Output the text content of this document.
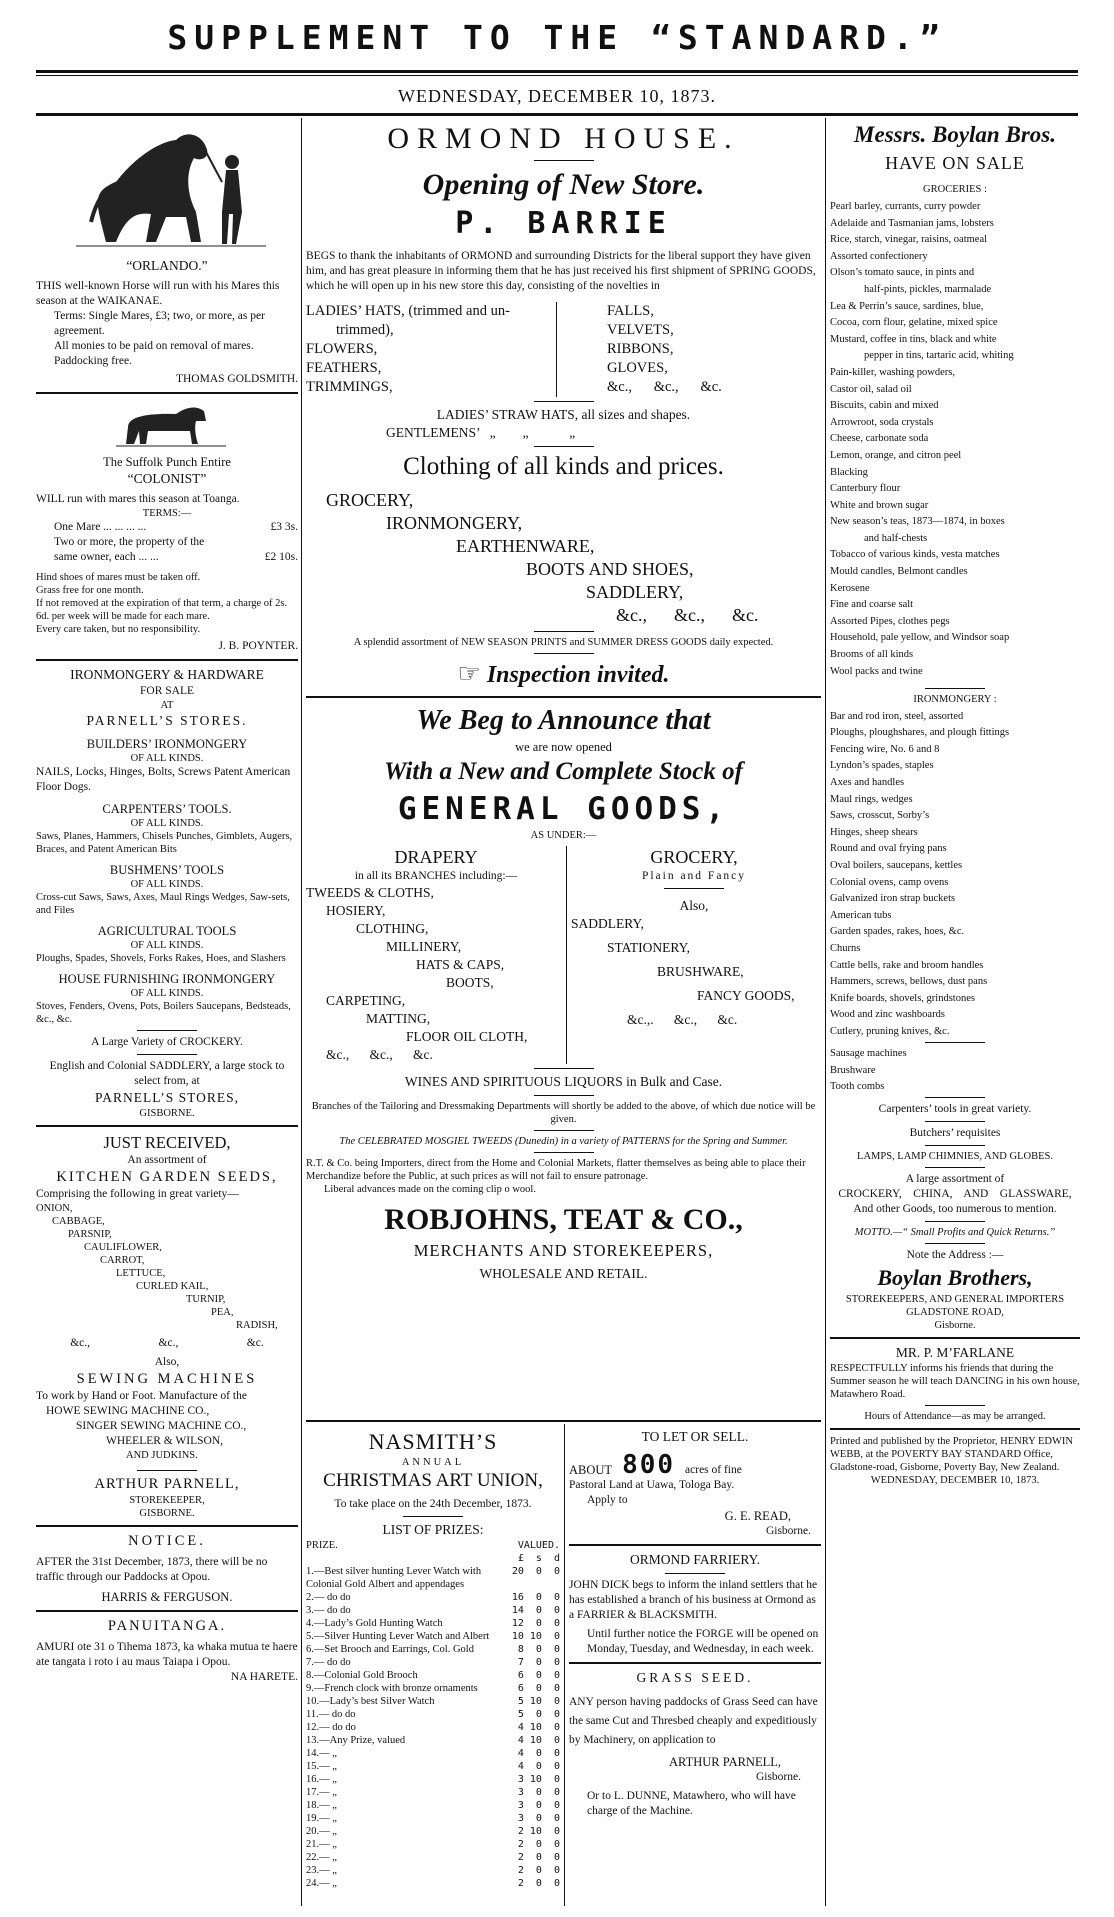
SUPPLEMENT TO THE “STANDARD.”
WEDNESDAY, DECEMBER 10, 1873.
“ORLANDO.”
THIS well-known Horse will run with his Mares this season at the WAIKANAE.
Terms: Single Mares, £3; two, or more, as per agreement.
All monies to be paid on removal of mares.
Paddocking free.
THOMAS GOLDSMITH.
The Suffolk Punch Entire
“COLONIST”
WILL run with mares this season at Toanga.
TERMS:—
One Mare ... ... ... ...	£3 3s.
Two or more, the property of the same owner, each ... ...	£2 10s.
Hind shoes of mares must be taken off.
Grass free for one month.
If not removed at the expiration of that term, a charge of 2s. 6d. per week will be made for each mare.
Every care taken, but no responsibility.
J. B. POYNTER.
IRONMONGERY & HARDWARE
FOR SALE
AT
PARNELL’S STORES.
BUILDERS’ IRONMONGERY
OF ALL KINDS.
NAILS, Locks, Hinges, Bolts, Screws Patent American Floor Dogs.
CARPENTERS’ TOOLS.
OF ALL KINDS.
Saws, Planes, Hammers, Chisels Punches, Gimblets, Augers, Braces, and Patent American Bits
BUSHMENS’ TOOLS
OF ALL KINDS.
Cross-cut Saws, Saws, Axes, Maul Rings Wedges, Saw-sets, and Files
AGRICULTURAL TOOLS
OF ALL KINDS.
Ploughs, Spades, Shovels, Forks Rakes, Hoes, and Slashers
HOUSE FURNISHING IRONMONGERY
OF ALL KINDS.
Stoves, Fenders, Ovens, Pots, Boilers Saucepans, Bedsteads, &c., &c.
A Large Variety of CROCKERY.
English and Colonial SADDLERY, a large stock to select from, at
PARNELL’S STORES,
GISBORNE.
JUST RECEIVED,
An assortment of
KITCHEN GARDEN SEEDS,
Comprising the following in great variety—
ONION,
CABBAGE,
PARSNIP,
CAULIFLOWER,
CARROT,
LETTUCE,
CURLED KAIL,
TURNIP,
PEA,
RADISH,
&c.,	&c.,	&c.
Also,
SEWING MACHINES
To work by Hand or Foot. Manufacture of the
HOWE SEWING MACHINE CO.,
SINGER SEWING MACHINE CO.,
WHEELER & WILSON,
AND JUDKINS.
ARTHUR PARNELL,
STOREKEEPER,
GISBORNE.
NOTICE.
AFTER the 31st December, 1873, there will be no traffic through our Paddocks at Opou.
HARRIS & FERGUSON.
PANUITANGA.
AMURI ote 31 o Tihema 1873, ka whaka mutua te haere ate tangata i roto i au maus Taiapa i Opou.
NA HARETE.
ORMOND HOUSE.
Opening of New Store.
P. BARRIE
BEGS to thank the inhabitants of ORMOND and surrounding Districts for the liberal support they have given him, and has great pleasure in informing them that he has just received his first shipment of SPRING GOODS, which he will open up in his new store this day, consisting of the novelties in
LADIES’ HATS, (trimmed and un-
trimmed),
FLOWERS,
FEATHERS,
TRIMMINGS,
FALLS,
VELVETS,
RIBBONS,
GLOVES,
&c.,      &c.,      &c.
LADIES’ STRAW HATS, all sizes and shapes.
GENTLEMENS’   „        „            „
Clothing of all kinds and prices.
GROCERY,
IRONMONGERY,
EARTHENWARE,
BOOTS AND SHOES,
SADDLERY,
&c.,      &c.,      &c.
A splendid assortment of NEW SEASON PRINTS and SUMMER DRESS GOODS daily expected.
☞ Inspection invited.
We Beg to Announce that
we are now opened
With a New and Complete Stock of
GENERAL GOODS,
AS UNDER:—
DRAPERY
in all its BRANCHES including:—
TWEEDS & CLOTHS,
HOSIERY,
CLOTHING,
MILLINERY,
HATS & CAPS,
BOOTS,
CARPETING,
MATTING,
FLOOR OIL CLOTH,
&c.,      &c.,      &c.
GROCERY,
Plain and Fancy
Also,
SADDLERY,
STATIONERY,
BRUSHWARE,
FANCY GOODS,
&c.,.      &c.,      &c.
WINES AND SPIRITUOUS LIQUORS in Bulk and Case.
Branches of the Tailoring and Dressmaking Departments will shortly be added to the above, of which due notice will be given.
The CELEBRATED MOSGIEL TWEEDS (Dunedin) in a variety of PATTERNS for the Spring and Summer.
R.T. & Co. being Importers, direct from the Home and Colonial Markets, flatter themselves as being able to place their Merchandize before the Public, at such prices as will not fail to ensure patronage.
Liberal advances made on the coming clip o wool.
ROBJOHNS, TEAT & CO.,
MERCHANTS AND STOREKEEPERS,
WHOLESALE AND RETAIL.
NASMITH’S
ANNUAL
CHRISTMAS ART UNION,
To take place on the 24th December, 1873.
LIST OF PRIZES:
PRIZE.	VALUED.
£  s  d
1.—Best silver hunting Lever Watch with Colonial Gold Albert and appendages
20  0  0
2.— do do	16  0  0
3.— do do	14  0  0
4.—Lady’s Gold Hunting Watch	12  0  0
5.—Silver Hunting Lever Watch and Albert	10 10  0
6.—Set Brooch and Earrings, Col. Gold	8  0  0
7.— do do	7  0  0
8.—Colonial Gold Brooch	6  0  0
9.—French clock with bronze ornaments	6  0  0
10.—Lady’s best Silver Watch	5 10  0
11.— do do	5  0  0
12.— do do	4 10  0
13.—Any Prize, valued	4 10  0
14.— „	4  0  0
15.— „	4  0  0
16.— „	3 10  0
17.— „	3  0  0
18.— „	3  0  0
19.— „	3  0  0
20.— „	2 10  0
21.— „	2  0  0
22.— „	2  0  0
23.— „	2  0  0
24.— „	2  0  0
TO LET OR SELL.
ABOUT 800 acres of fine
Pastoral Land at Uawa, Tologa Bay.
Apply to
G. E. READ,
Gisborne.
ORMOND FARRIERY.
JOHN DICK begs to inform the inland settlers that he has established a branch of his business at Ormond as a FARRIER & BLACKSMITH.
Until further notice the FORGE will be opened on Monday, Tuesday, and Wednesday, in each week.
GRASS SEED.
ANY person having paddocks of Grass Seed can have the same Cut and Thresbed cheaply and expeditiously by Machinery, on application to
ARTHUR PARNELL,
Gisborne.
Or to L. DUNNE, Matawhero, who will have charge of the Machine.
Messrs. Boylan Bros.
HAVE ON SALE
GROCERIES :
Pearl barley, currants, curry powder
Adelaide and Tasmanian jams, lobsters
Rice, starch, vinegar, raisins, oatmeal
Assorted confectionery
Olson’s tomato sauce, in pints and
half-pints, pickles, marmalade
Lea & Perrin’s sauce, sardines, blue,
Cocoa, corn flour, gelatine, mixed spice
Mustard, coffee in tins, black and white
pepper in tins, tartaric acid, whiting
Pain-killer, washing powders,
Castor oil, salad oil
Biscuits, cabin and mixed
Arrowroot, soda crystals
Cheese, carbonate soda
Lemon, orange, and citron peel
Blacking
Canterbury flour
White and brown sugar
New season’s teas, 1873—1874, in boxes
and half-chests
Tobacco of various kinds, vesta matches
Mould candles, Belmont candles
Kerosene
Fine and coarse salt
Assorted Pipes, clothes pegs
Household, pale yellow, and Windsor soap
Brooms of all kinds
Wool packs and twine
IRONMONGERY :
Bar and rod iron, steel, assorted
Ploughs, ploughshares, and plough fittings
Fencing wire, No. 6 and 8
Lyndon’s spades, staples
Axes and handles
Maul rings, wedges
Saws, crosscut, Sorby’s
Hinges, sheep shears
Round and oval frying pans
Oval boilers, saucepans, kettles
Colonial ovens, camp ovens
Galvanized iron strap buckets
American tubs
Garden spades, rakes, hoes, &c.
Churns
Cattle bells, rake and broom handles
Hammers, screws, bellows, dust pans
Knife boards, shovels, grindstones
Wood and zinc washboards
Cutlery, pruning knives, &c.
Sausage machines
Brushware
Tooth combs
Carpenters’ tools in great variety.
Butchers’ requisites
LAMPS, LAMP CHIMNIES, AND GLOBES.
A large assortment of
CROCKERY,    CHINA,    AND    GLASSWARE,
And other Goods, too numerous to mention.
MOTTO.—“ Small Profits and Quick Returns.”
Note the Address :—
Boylan Brothers,
STOREKEEPERS, AND GENERAL IMPORTERS
GLADSTONE ROAD,
Gisborne.
MR. P. M’FARLANE
RESPECTFULLY informs his friends that during the Summer season he will teach DANCING in his own house, Matawhero Road.
Hours of Attendance—as may be arranged.
Printed and published by the Proprietor, HENRY EDWIN WEBB, at the POVERTY BAY STANDARD Office, Gladstone-road, Gisborne, Poverty Bay, New Zealand.
WEDNESDAY, DECEMBER 10, 1873.
